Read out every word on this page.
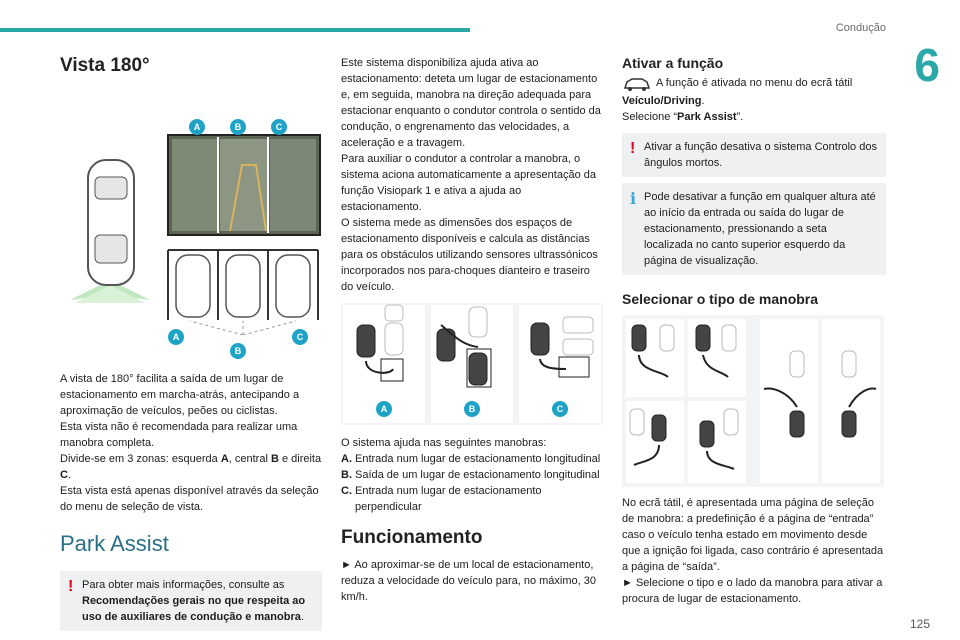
Condução
6
Vista 180°
A	B	C
A
B
C

A vista de 180° facilita a saída de um lugar de estacionamento em marcha-atrás, antecipando a aproximação de veículos, peões ou ciclistas.

Esta vista não é recomendada para realizar uma manobra completa.

Divide-se em 3 zonas: esquerda A, central B e direita C.

Esta vista está apenas disponível através da seleção do menu de seleção de vista.

Park Assist
! Para obter mais informações, consulte as Recomendações gerais no que respeita ao uso de auxiliares de condução e manobra.

Este sistema disponibiliza ajuda ativa ao estacionamento: deteta um lugar de estacionamento e, em seguida, manobra na direção adequada para estacionar enquanto o condutor controla o sentido da condução, o engrenamento das velocidades, a aceleração e a travagem.

Para auxiliar o condutor a controlar a manobra, o sistema aciona automaticamente a apresentação da função Visiopark 1 e ativa a ajuda ao estacionamento.

O sistema mede as dimensões dos espaços de estacionamento disponíveis e calcula as distâncias para os obstáculos utilizando sensores ultrassónicos incorporados nos para-choques dianteiro e traseiro do veículo.

A	B	C

O sistema ajuda nas seguintes manobras:

A. Entrada num lugar de estacionamento longitudinal
B. Saída de um lugar de estacionamento longitudinal
C. Entrada num lugar de estacionamento perpendicular
Funcionamento

► Ao aproximar-se de um local de estacionamento, reduza a velocidade do veículo para, no máximo, 30 km/h.

Ativar a função

A função é ativada no menu do ecrã tátil Veículo/Driving.

Selecione “Park Assist”.

! Ativar a função desativa o sistema Controlo dos ângulos mortos.
i Pode desativar a função em qualquer altura até ao início da entrada ou saída do lugar de estacionamento, pressionando a seta localizada no canto superior esquerdo da página de visualização.
Selecionar o tipo de manobra

No ecrã tátil, é apresentada uma página de seleção de manobra: a predefinição é a página de “entrada” caso o veículo tenha estado em movimento desde que a ignição foi ligada, caso contrário é apresentada a página de “saída”.

► Selecione o tipo e o lado da manobra para ativar a procura de lugar de estacionamento.

125
